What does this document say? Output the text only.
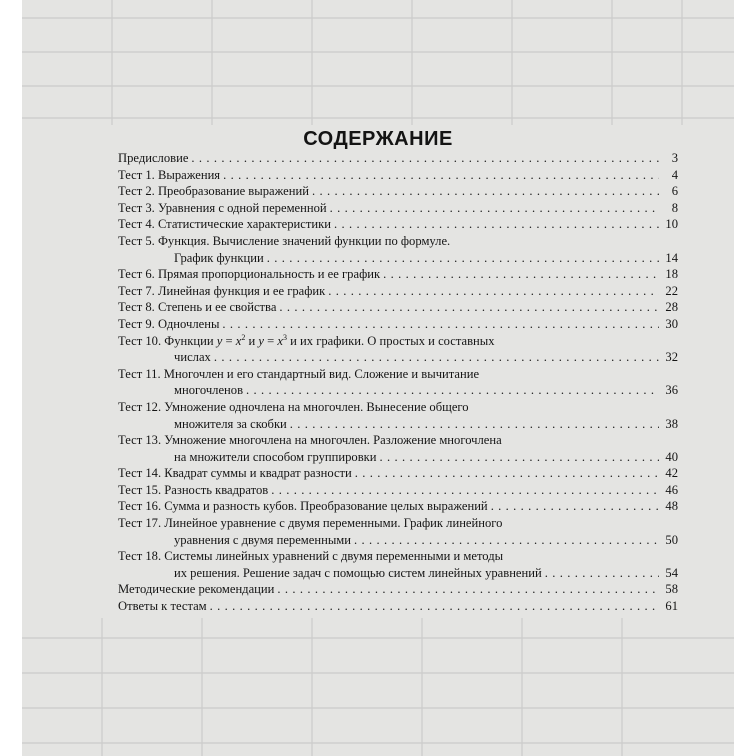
СОДЕРЖАНИЕ
Предисловие . . .	3
Тест 1. Выражения . . .	4
Тест 2. Преобразование выражений . . .	6
Тест 3. Уравнения с одной переменной . . .	8
Тест 4. Статистические характеристики . . .	10
Тест 5. Функция. Вычисление значений функции по формуле.
График функции . . .	14
Тест 6. Прямая пропорциональность и ее график . . .	18
Тест 7. Линейная функция и ее график . . .	22
Тест 8. Степень и ее свойства . . .	28
Тест 9. Одночлены . . .	30
Тест 10. Функции $y = x^2$ и $y = x^3$ и их графики. О простых и составных
числах . . .	32
Тест 11. Многочлен и его стандартный вид. Сложение и вычитание
многочленов . . .	36
Тест 12. Умножение одночлена на многочлен. Вынесение общего
множителя за скобки . . .	38
Тест 13. Умножение многочлена на многочлен. Разложение многочлена
на множители способом группировки . . .	40
Тест 14. Квадрат суммы и квадрат разности . . .	42
Тест 15. Разность квадратов . . .	46
Тест 16. Сумма и разность кубов. Преобразование целых выражений . . .	48
Тест 17. Линейное уравнение с двумя переменными. График линейного
уравнения с двумя переменными . . .	50
Тест 18. Системы линейных уравнений с двумя переменными и методы
их решения. Решение задач с помощью систем линейных уравнений . . .	54
Методические рекомендации . . .	58
Ответы к тестам . . .	61
